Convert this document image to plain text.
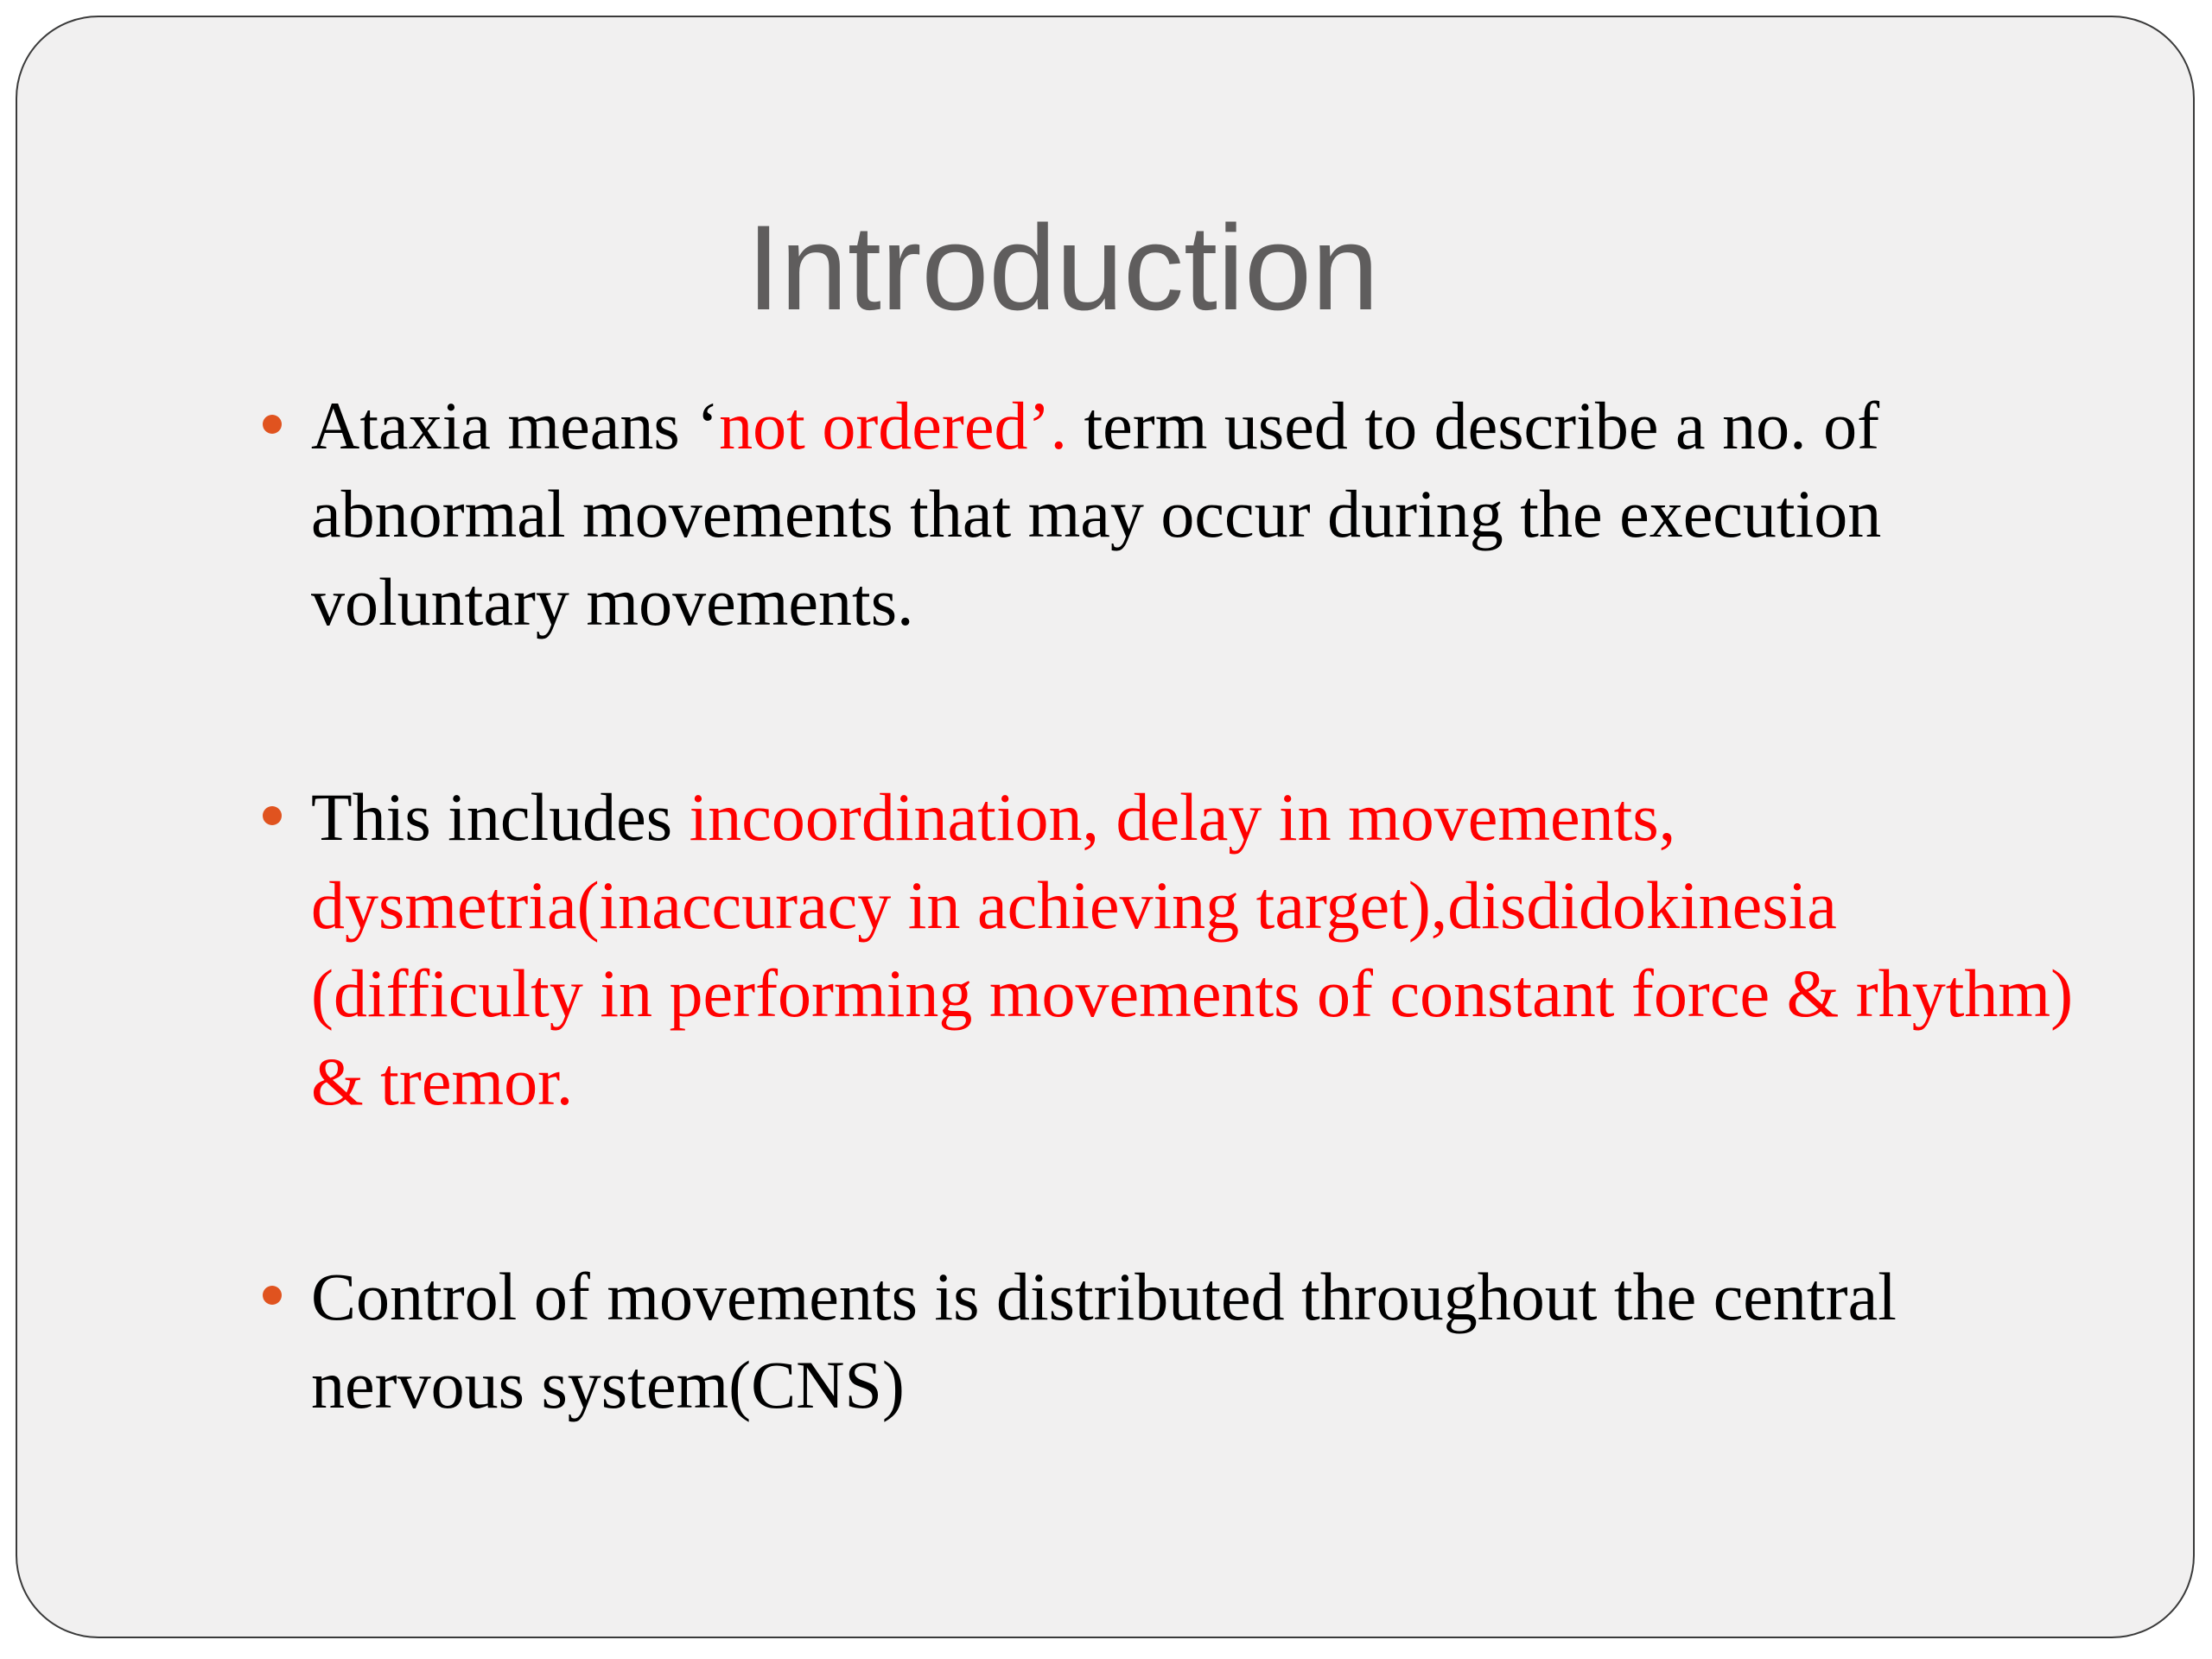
Introduction
Ataxia means ‘not ordered’. term used to describe a no. of abnormal movements that may occur during the execution voluntary movements.
This includes incoordination, delay in movements, dysmetria(inaccuracy in achieving target),disdidokinesia (difficulty in performing movements of constant force & rhythm) & tremor.
Control of movements is distributed throughout the central nervous system(CNS)
